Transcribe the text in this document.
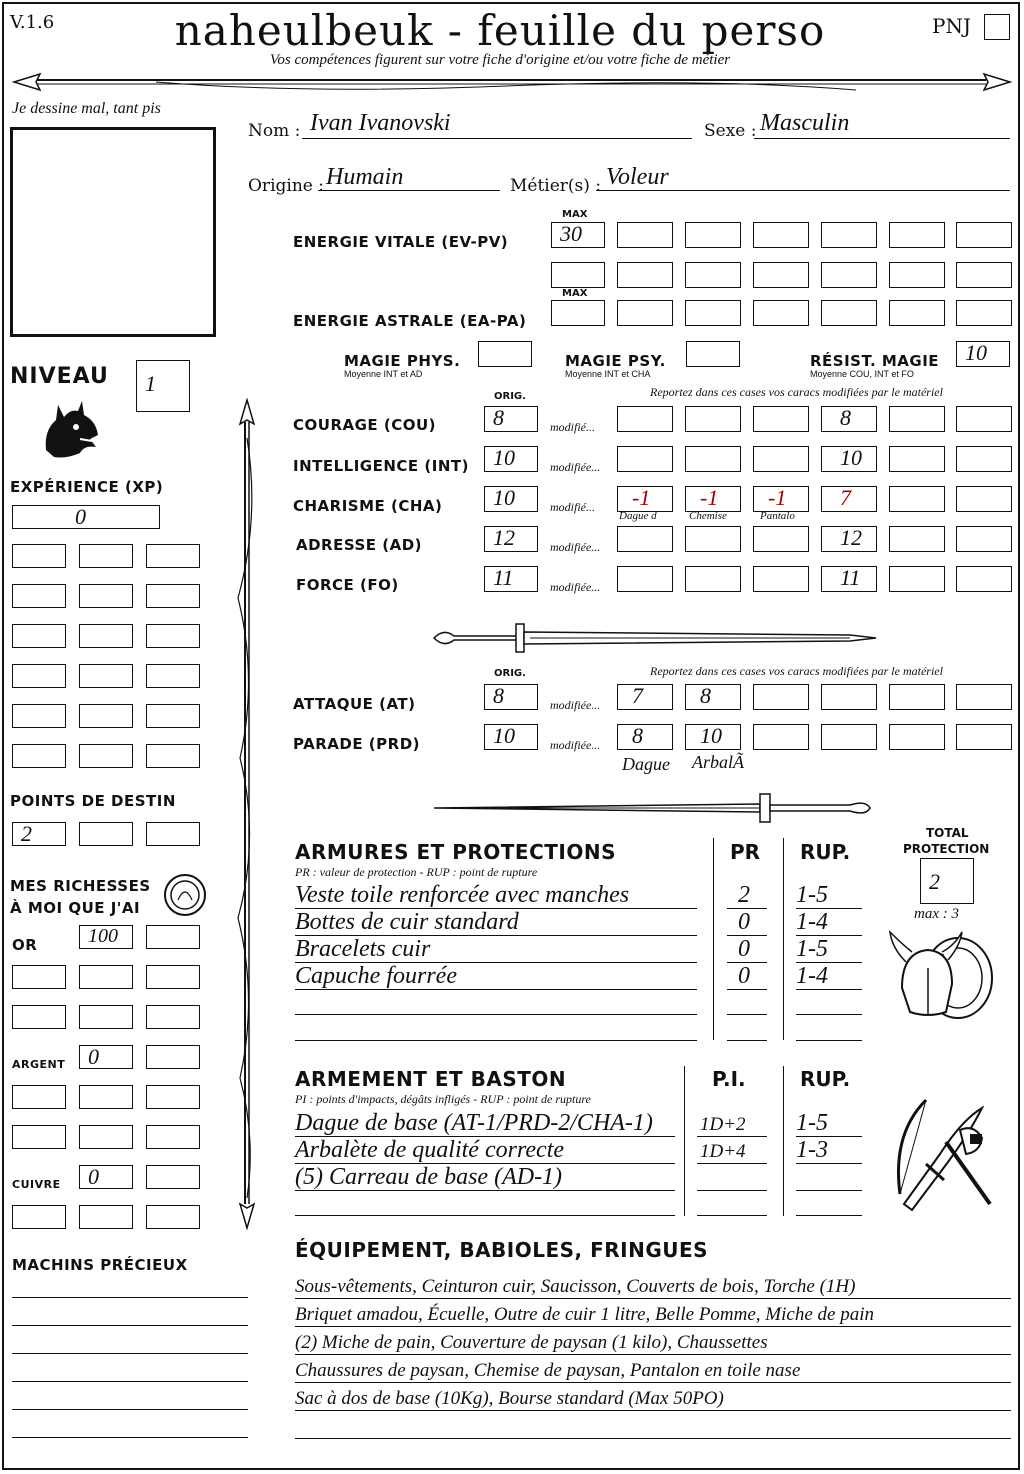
V.1.6	naheulbeuk - feuille du perso
Vos compétences figurent sur votre fiche d'origine et/ou votre fiche de métier
PNJ
Je dessine mal, tant pis
Nom : Ivan Ivanovski	Sexe : Masculin
Origine : Humain	Métier(s) : Voleur
MAX
ENERGIE VITALE (EV-PV)	30
MAX
ENERGIE ASTRALE (EA-PA)
MAGIE PHYS.
Moyenne INT et AD
MAGIE PSY.
Moyenne INT et CHA
RÉSIST. MAGIE
Moyenne COU, INT et FO
10
NIVEAU	1
EXPÉRIENCE (XP)
0
POINTS DE DESTIN
2
MES RICHESSES
À MOI QUE J'AI
OR	100
ARGENT	0
CUIVRE	0
MACHINS PRÉCIEUX
ORIG.	Reportez dans ces cases vos caracs modifiées par le matériel
COURAGE (COU)	8	modifié...	8
INTELLIGENCE (INT)	10	modifiée...	10
CHARISME (CHA)	10	modifié...	-1	-1	-1	7
Dague d	Chemise	Pantalo
ADRESSE (AD)	12	modifiée...	12
FORCE (FO)	11	modifiée...	11
ORIG.	Reportez dans ces cases vos caracs modifiées par le matériel
ATTAQUE (AT)	8	modifiée...	7	8
PARADE (PRD)	10	modifiée...	8	10
Dague ArbalÃ
ARMURES ET PROTECTIONS
PR : valeur de protection - RUP : point de rupture
PR RUP.
Veste toile renforcée avec manches	2 1-5
Bottes de cuir standard	0 1-4
Bracelets cuir	0 1-5
Capuche fourrée	0 1-4
TOTAL
PROTECTION
2
max : 3
ARMEMENT ET BASTON
PI : points d'impacts, dégâts infligés - RUP : point de rupture
P.I.	RUP.
Dague de base (AT-1/PRD-2/CHA-1) 1D+2 1-5
Arbalète de qualité correcte	1D+4 1-3
(5) Carreau de base (AD-1)
ÉQUIPEMENT, BABIOLES, FRINGUES
Sous-vêtements, Ceinturon cuir, Saucisson, Couverts de bois, Torche (1H)
Briquet amadou, Écuelle, Outre de cuir 1 litre, Belle Pomme, Miche de pain
(2) Miche de pain, Couverture de paysan (1 kilo), Chaussettes
Chaussures de paysan, Chemise de paysan, Pantalon en toile nase
Sac à dos de base (10Kg), Bourse standard (Max 50PO)
